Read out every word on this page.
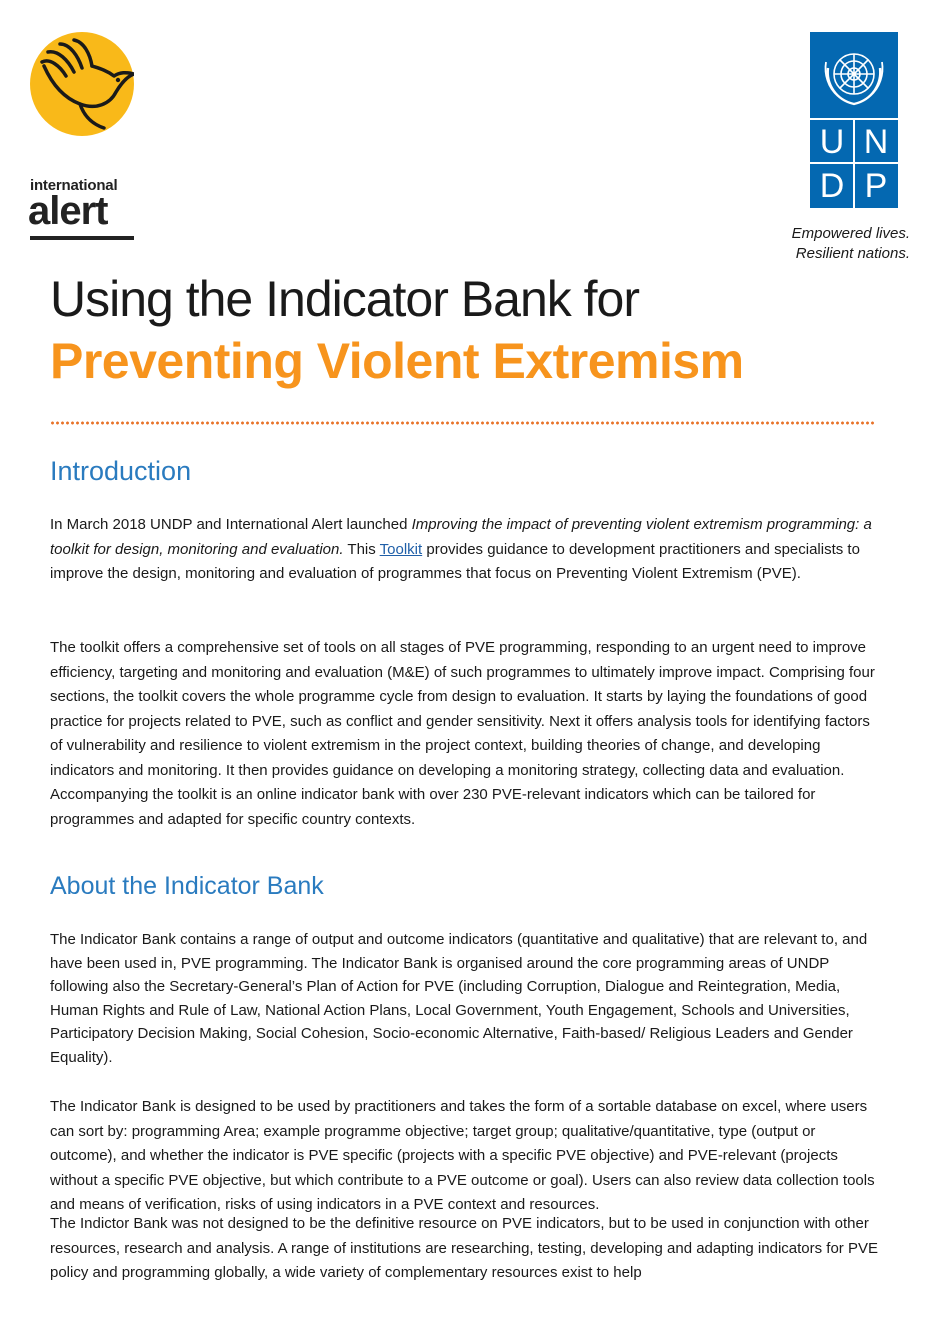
international
alert
U N
D P
Empowered lives.
Resilient nations.
Using the Indicator Bank for
Preventing Violent Extremism
Introduction

In March 2018 UNDP and International Alert launched Improving the impact of preventing violent extremism programming: a toolkit for design, monitoring and evaluation. This Toolkit provides guidance to development practitioners and specialists to improve the design, monitoring and evaluation of programmes that focus on Preventing Violent Extremism (PVE).

The toolkit offers a comprehensive set of tools on all stages of PVE programming, responding to an urgent need to improve efficiency, targeting and monitoring and evaluation (M&E) of such programmes to ultimately improve impact. Comprising four sections, the toolkit covers the whole programme cycle from design to evaluation. It starts by laying the foundations of good practice for projects related to PVE, such as conflict and gender sensitivity. Next it offers analysis tools for identifying factors of vulnerability and resilience to violent extremism in the project context, building theories of change, and developing indicators and monitoring. It then provides guidance on developing a monitoring strategy, collecting data and evaluation. Accompanying the toolkit is an online indicator bank with over 230 PVE-relevant indicators which can be tailored for programmes and adapted for specific country contexts.

About the Indicator Bank

The Indicator Bank contains a range of output and outcome indicators (quantitative and qualitative) that are relevant to, and have been used in, PVE programming. The Indicator Bank is organised around the core programming areas of UNDP following also the Secretary-General’s Plan of Action for PVE (including Corruption, Dialogue and Reintegration, Media, Human Rights and Rule of Law, National Action Plans, Local Government, Youth Engagement, Schools and Universities, Participatory Decision Making, Social Cohesion, Socio-economic Alternative, Faith-based/ Religious Leaders and Gender Equality).

The Indicator Bank is designed to be used by practitioners and takes the form of a sortable database on excel, where users can sort by: programming Area; example programme objective; target group; qualitative/quantitative, type (output or outcome), and whether the indicator is PVE specific (projects with a specific PVE objective) and PVE-relevant (projects without a specific PVE objective, but which contribute to a PVE outcome or goal). Users can also review data collection tools and means of verification, risks of using indicators in a PVE context and resources.

The Indictor Bank was not designed to be the definitive resource on PVE indicators, but to be used in conjunction with other resources, research and analysis. A range of institutions are researching, testing, developing and adapting indicators for PVE policy and programming globally, a wide variety of complementary resources exist to help
